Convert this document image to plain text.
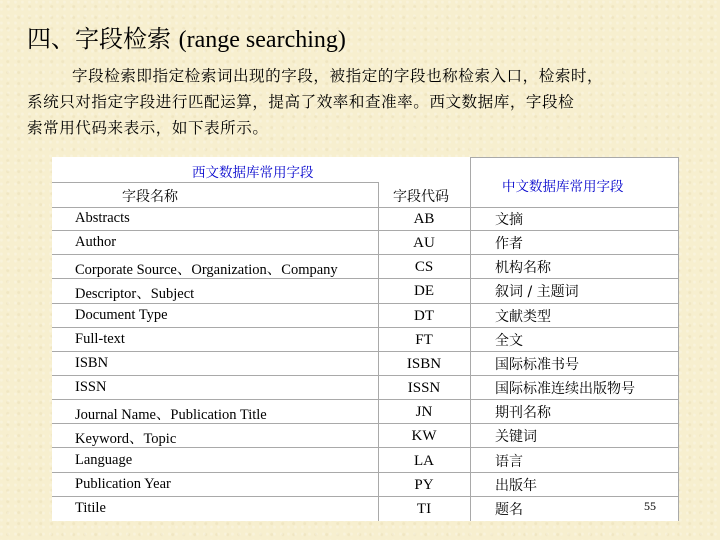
四、字段检索 (range searching)

字段检索即指定检索词出现的字段，被指定的字段也称检索入口，检索时，

系统只对指定字段进行匹配运算，提高了效率和查准率。西文数据库，字段检

索常用代码来表示，如下表所示。

西文数据库常用字段
中文数据库常用字段
字段名称	字段代码
Abstracts	AB	文摘
Author	AU	作者
Corporate Source、Organization、Company	CS	机构名称
Descriptor、Subject	DE	叙词 / 主题词
Document Type	DT	文献类型
Full-text	FT	全文
ISBN	ISBN	国际标准书号
ISSN	ISSN	国际标准连续出版物号
Journal Name、Publication Title	JN	期刊名称
Keyword、Topic	KW	关键词
Language	LA	语言
Publication Year	PY	出版年
Titile	TI	题名	55
